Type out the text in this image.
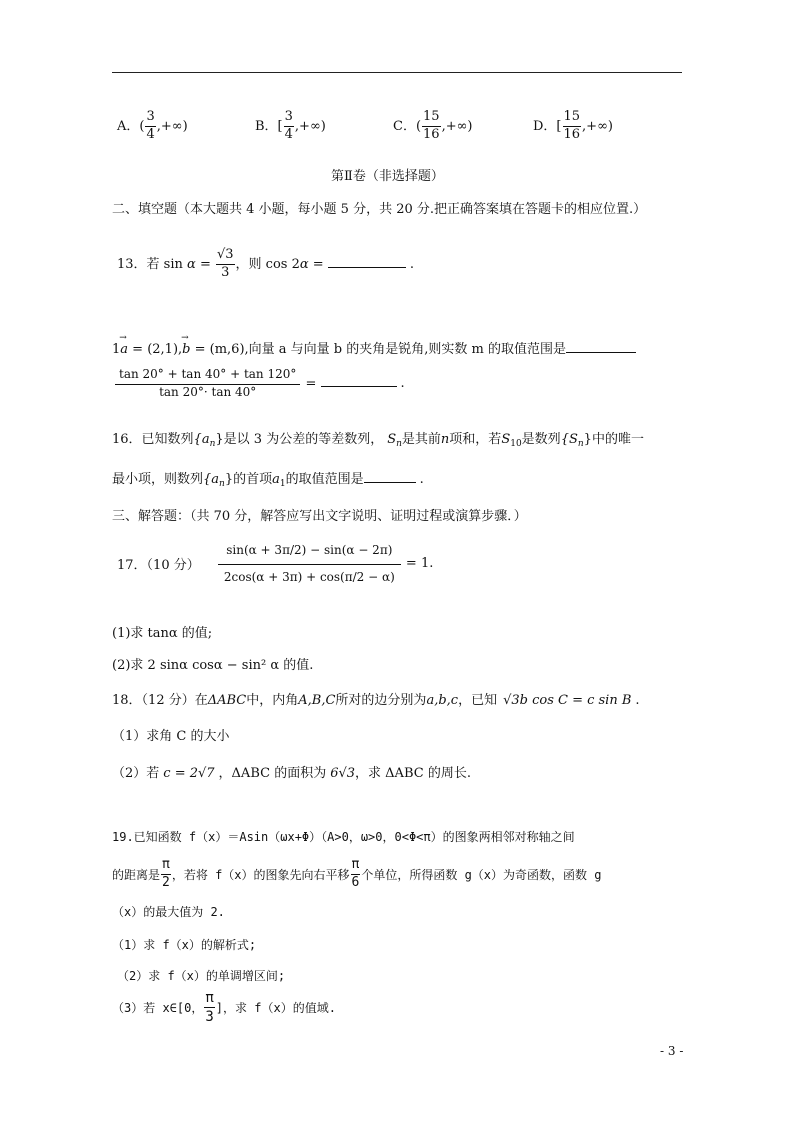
A．( $\frac{3}{4}$ ,+∞)	B．[ $\frac{3}{4}$ ,+∞)	C．( $\frac{15}{16}$ ,+∞)	D．[ $\frac{15}{16}$ ,+∞)
第Ⅱ卷（非选择题）
二、填空题（本大题共 4 小题，每小题 5 分，共 20 分.把正确答案填在答题卡的相应位置.）
13．若 $\sin \alpha = \frac{√3}{3}$ ，则 cos 2α =	.
1→ a = (2,1),→ b = (m,6),向量 a 与向量 b 的夹角是锐角,则实数 m 的取值范围是
$\frac{\tan 20^\circ + \tan 40^\circ + \tan 120^\circ}{\tan 20^\circ\cdot \tan 40^\circ}$ =	.
16．已知数列$\{a_n\}$是以 3 为公差的等差数列， $S_n$是其前n项和，若$S_{10}$是数列$\{S_n\}$中的唯一
最小项，则数列$\{a_n\}$的首项$a_1$的取值范围是	.
三、解答题：（共 70 分，解答应写出文字说明、证明过程或演算步骤．）
17．（10 分） $\frac{\sin(\alpha + 3\pi/2) - \sin(\alpha - 2\pi)}{2\cos(\alpha + 3\pi) + \cos(\pi/2 - \alpha)} = 1$.
(1)求 tanα 的值;
(2)求 2 sinα cosα − sin² α 的值.
18．（12 分）在ΔABC中，内角A,B,C所对的边分别为a,b,c，已知 √3b cos C = c sin B .
（1）求角 C 的大小
（2）若 c = 2√7 ，ΔABC 的面积为 6√3，求 ΔABC 的周长.
19.已知函数 f（x）＝Asin（ωx+Φ）（A>0，ω>0，0<Φ<π）的图象两相邻对称轴之间
的距离是 $\frac{\pi}{2}$ ，若将 f（x）的图象先向右平移 $\frac{\pi}{6}$ 个单位，所得函数 g（x）为奇函数，函数 g
（x）的最大值为 2.
（1）求 f（x）的解析式;
（2）求 f（x）的单调增区间;
（3）若 x∈[0， $\frac{\pi}{3}$ ]，求 f（x）的值域.
- 3 -
